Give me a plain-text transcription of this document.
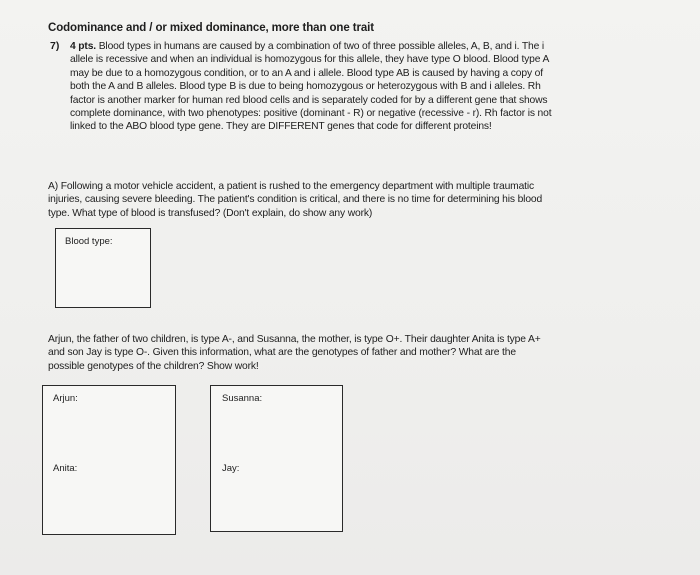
Codominance and / or mixed dominance, more than one trait
7) 4 pts. Blood types in humans are caused by a combination of two of three possible alleles, A, B, and i. The i
allele is recessive and when an individual is homozygous for this allele, they have type O blood. Blood type A
may be due to a homozygous condition, or to an A and i allele. Blood type AB is caused by having a copy of
both the A and B alleles. Blood type B is due to being homozygous or heterozygous with B and i alleles. Rh
factor is another marker for human red blood cells and is separately coded for by a different gene that shows
complete dominance, with two phenotypes: positive (dominant - R) or negative (recessive - r). Rh factor is not
linked to the ABO blood type gene. They are DIFFERENT genes that code for different proteins!
A) Following a motor vehicle accident, a patient is rushed to the emergency department with multiple traumatic
injuries, causing severe bleeding. The patient's condition is critical, and there is no time for determining his blood
type. What type of blood is transfused? (Don't explain, do show any work)
Blood type:
Arjun, the father of two children, is type A-, and Susanna, the mother, is type O+. Their daughter Anita is type A+
and son Jay is type O-. Given this information, what are the genotypes of father and mother? What are the
possible genotypes of the children? Show work!
Arjun:
Anita:
Susanna:
Jay:
